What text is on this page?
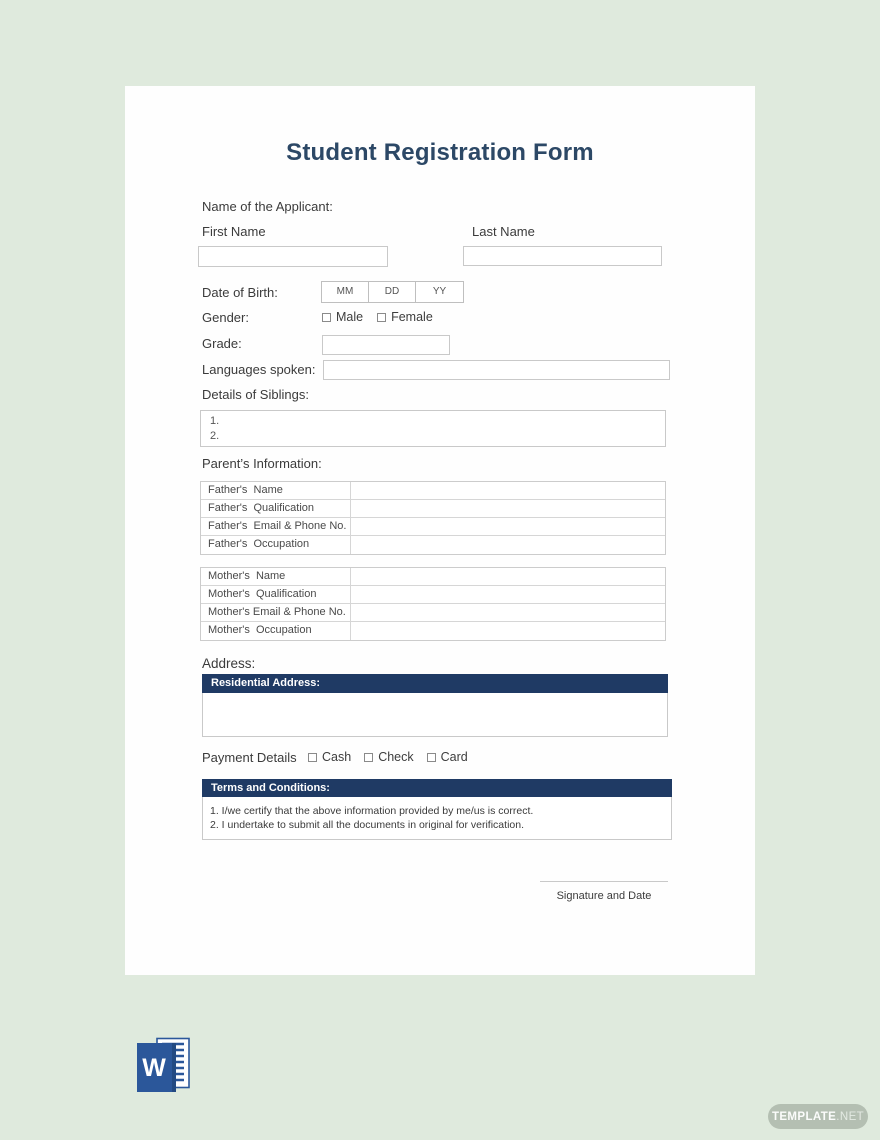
Student Registration Form
Name of the Applicant:
First Name	Last Name
Date of Birth:	MM	DD	YY
Gender:	Male Female
Grade:
Languages spoken:
Details of Siblings:
1.
2.
Parent’s Information:
Father's  Name
Father's  Qualification
Father's  Email & Phone No.
Father's  Occupation
Mother's  Name
Mother's  Qualification
Mother's Email & Phone No.
Mother's  Occupation
Address:
Residential Address:
Payment Details Cash Check Card
Terms and Conditions:
1. I/we certify that the above information provided by me/us is correct.
2. I undertake to submit all the documents in original for verification.
Signature and Date
W
TEMPLATE .NET
